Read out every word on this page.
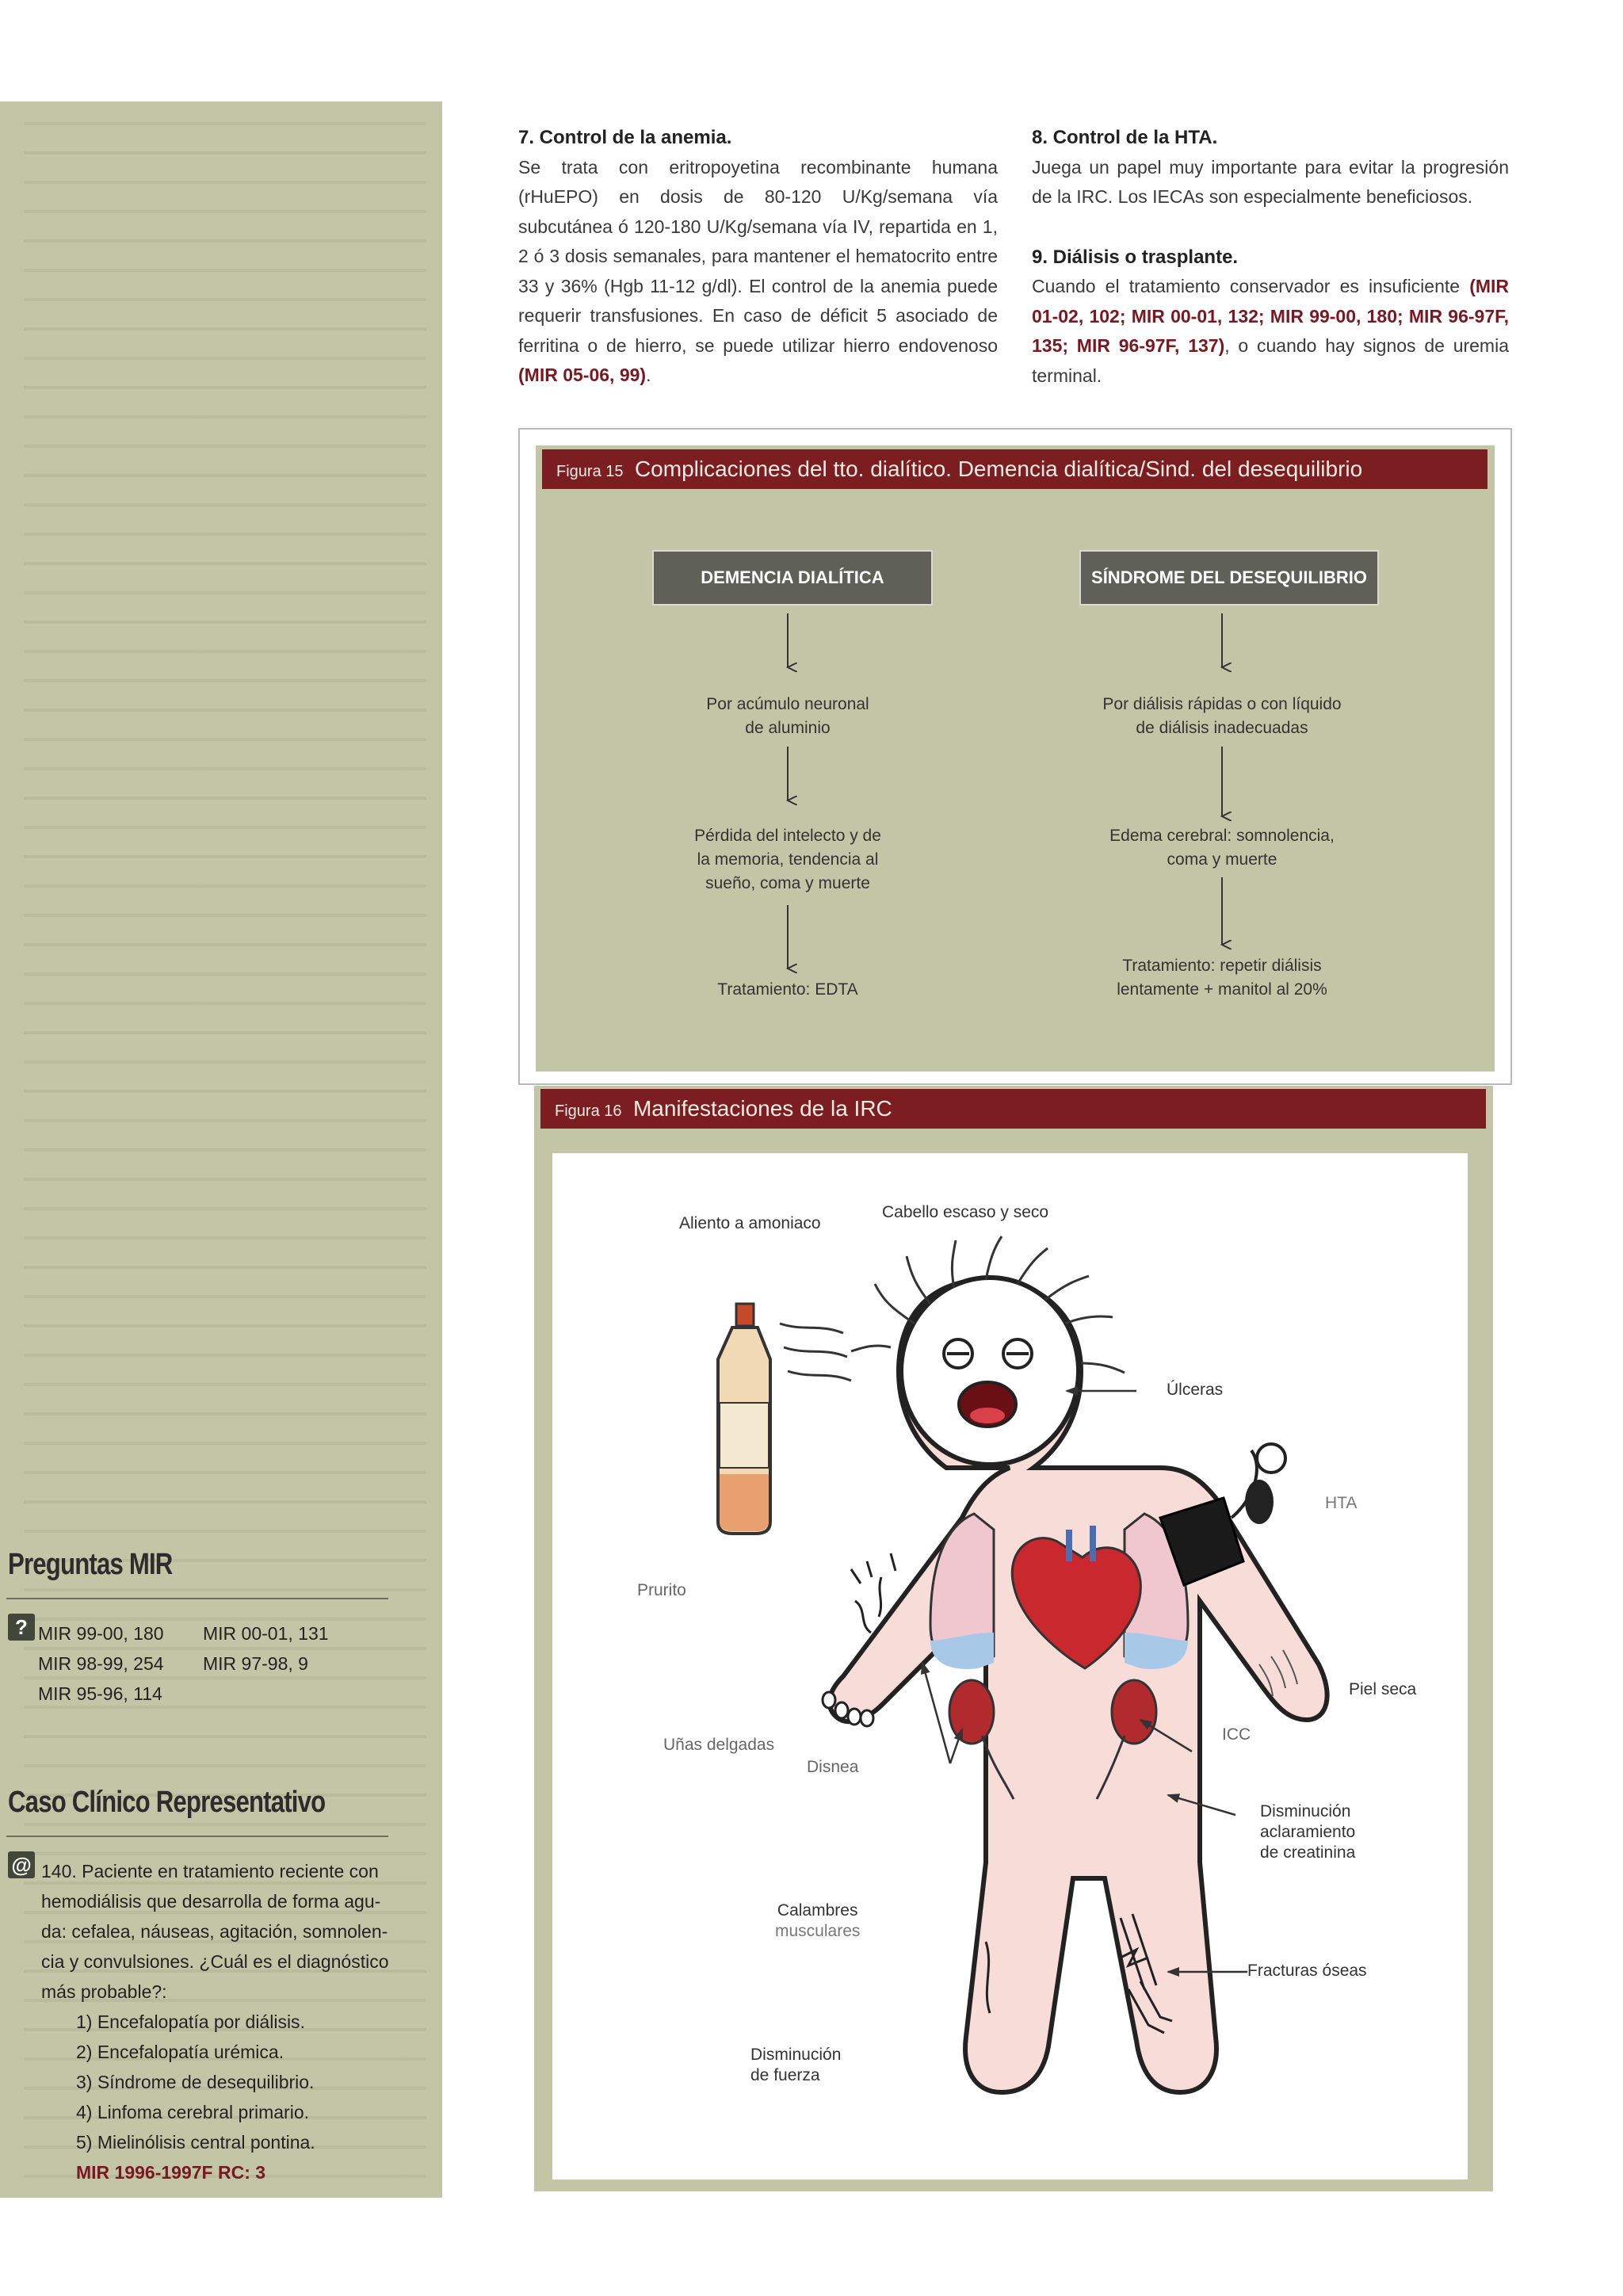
Preguntas MIR
? MIR 99-00, 180 MIR 00-01, 131
MIR 98-99, 254 MIR 97-98, 9
MIR 95-96, 114
Caso Clínico Representativo
@ 140. Paciente en tratamiento reciente con
hemodiálisis que desarrolla de forma agu-
da: cefalea, náuseas, agitación, somnolen-
cia y convulsiones. ¿Cuál es el diagnóstico
más probable?:
1) Encefalopatía por diálisis.
2) Encefalopatía urémica.
3) Síndrome de desequilibrio.
4) Linfoma cerebral primario.
5) Mielinólisis central pontina.
MIR 1996-1997F RC: 3
7. Control de la anemia.

Se trata con eritropoyetina recombinante humana (rHuEPO) en dosis de 80-120 U/Kg/semana vía subcutánea ó 120-180 U/Kg/semana vía IV, repartida en 1, 2 ó 3 dosis semanales, para mantener el hematocrito entre 33 y 36% (Hgb 11-12 g/dl). El control de la anemia puede requerir transfusiones. En caso de déficit 5 asociado de ferritina o de hierro, se puede utilizar hierro endovenoso (MIR 05-06, 99).

8. Control de la HTA.

Juega un papel muy importante para evitar la progresión de la IRC. Los IECAs son especialmente beneficiosos.

9. Diálisis o trasplante.

Cuando el tratamiento conservador es insuficiente (MIR 01-02, 102; MIR 00-01, 132; MIR 99-00, 180; MIR 96-97F, 135; MIR 96-97F, 137), o cuando hay signos de uremia terminal.

Figura 15 Complicaciones del tto. dialítico. Demencia dialítica/Sind. del desequilibrio
DEMENCIA DIALÍTICA	SÍNDROME DEL DESEQUILIBRIO
Por acúmulo neuronal
de aluminio
Pérdida del intelecto y de
la memoria, tendencia al
sueño, coma y muerte
Tratamiento: EDTA
Por diálisis rápidas o con líquido
de diálisis inadecuadas
Edema cerebral: somnolencia,
coma y muerte
Tratamiento: repetir diálisis
lentamente + manitol al 20%
Figura 16 Manifestaciones de la IRC
Aliento a amoniaco
Cabello escaso y seco
Úlceras
HTA
Prurito
Piel seca
Uñas delgadas
ICC
Disnea
Disminución
aclaramiento
de creatinina
Calambres
musculares
Fracturas óseas
Disminución
de fuerza
